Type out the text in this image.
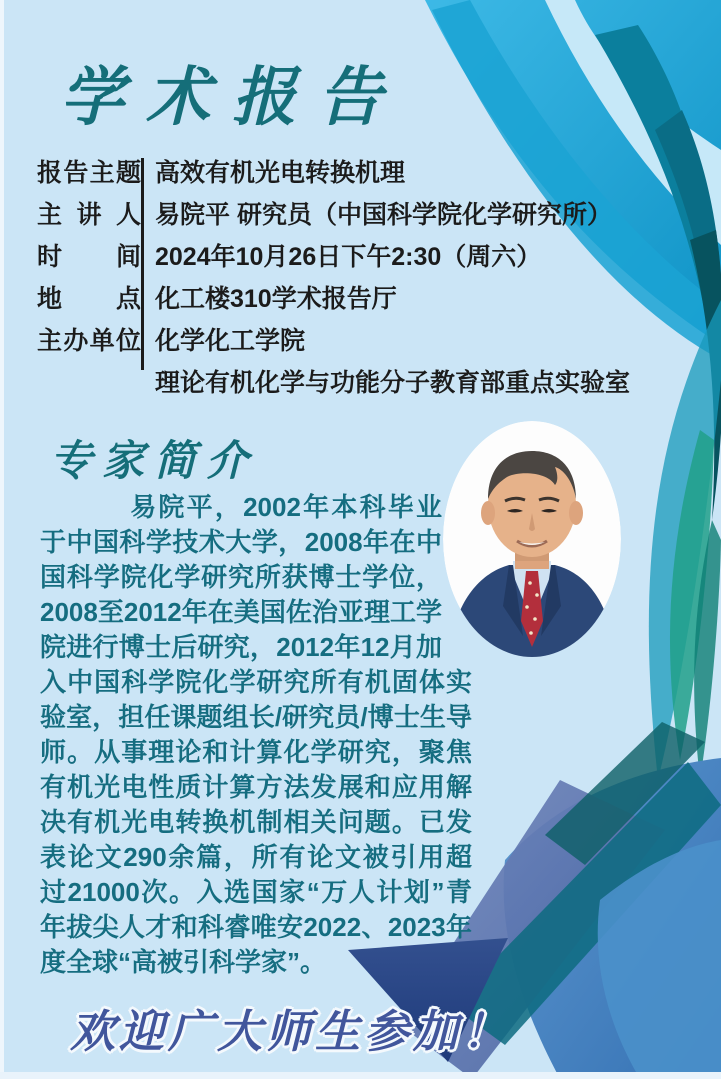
学术报告
报告主题 高效有机光电转换机理
主讲人 易院平 研究员（中国科学院化学研究所）
时间 2024年10月26日下午2:30（周六）
地点 化工楼310学术报告厅
主办单位 化学化工学院
理论有机化学与功能分子教育部重点实验室
专家简介

易院平，2002年本科毕业于中国科学技术大学，2008年在中国科学院化学研究所获博士学位，2008至2012年在美国佐治亚理工学院进行博士后研究，2012年12月加入中国科学院化学研究所有机固体实验室，担任课题组长/研究员/博士生导师。从事理论和计算化学研究，聚焦有机光电性质计算方法发展和应用解决有机光电转换机制相关问题。已发表论文290余篇，所有论文被引用超过21000次。入选国家“万人计划”青年拔尖人才和科睿唯安2022、2023年度全球“高被引科学家”。

欢迎广大师生参加！
